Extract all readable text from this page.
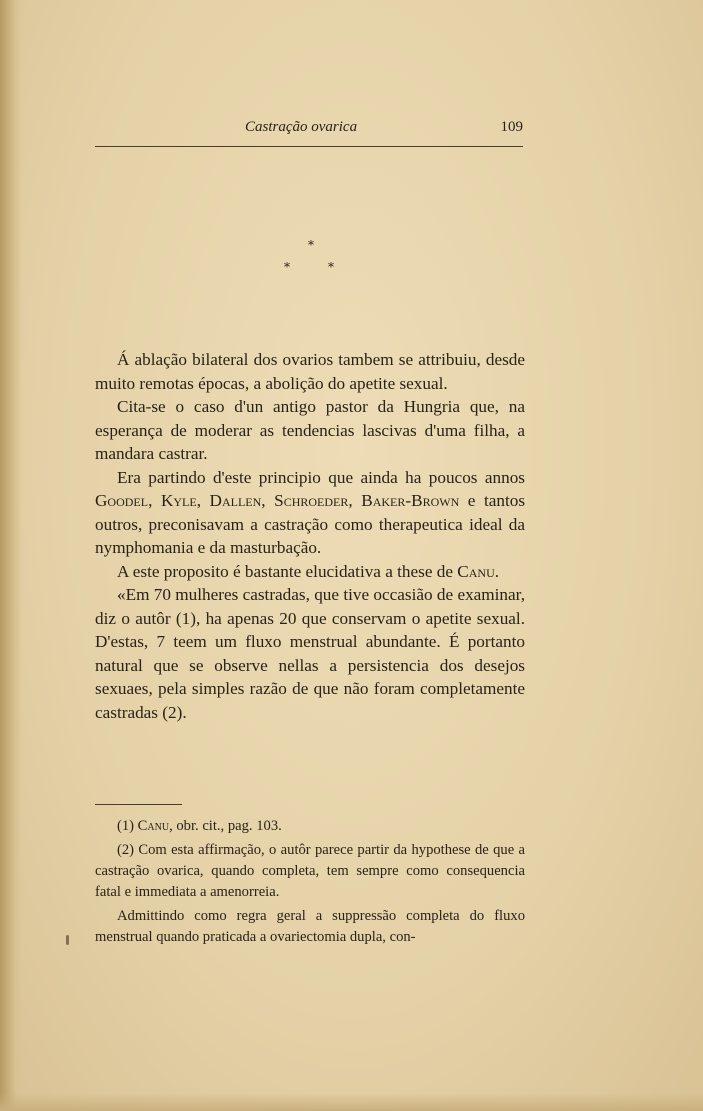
Castração ovarica	109
*
*	*

Á ablação bilateral dos ovarios tambem se attribuiu, desde muito remotas épocas, a abolição do apetite sexual.

Cita-se o caso d'un antigo pastor da Hungria que, na esperança de moderar as tendencias lascivas d'uma filha, a mandara castrar.

Era partindo d'este principio que ainda ha poucos annos Goodel, Kyle, Dallen, Schroeder, Baker-Brown e tantos outros, preconisavam a castração como therapeutica ideal da nymphomania e da masturbação.

A este proposito é bastante elucidativa a these de Canu.

«Em 70 mulheres castradas, que tive occasião de examinar, diz o autôr (1), ha apenas 20 que conservam o apetite sexual. D'estas, 7 teem um fluxo menstrual abundante. É portanto natural que se observe nellas a persistencia dos desejos sexuaes, pela simples razão de que não foram completamente castradas (2).

(1) Canu, obr. cit., pag. 103.

(2) Com esta affirmação, o autôr parece partir da hypothese de que a castração ovarica, quando completa, tem sempre como consequencia fatal e immediata a amenorreia.

Admittindo como regra geral a suppressão completa do fluxo menstrual quando praticada a ovariectomia dupla, con-
